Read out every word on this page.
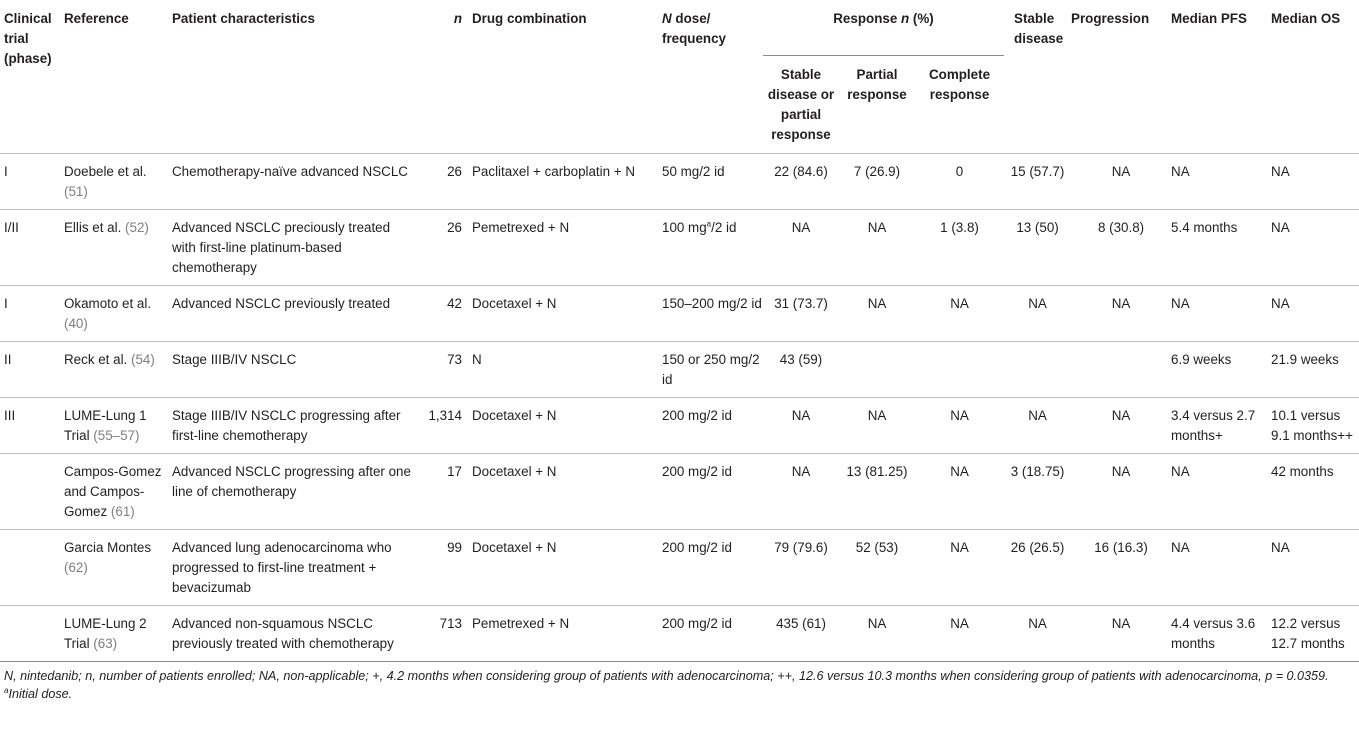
Clinical trial (phase)	Reference	Patient characteristics	n	Drug combination	N dose/ frequency	Response n (%)			Stable disease	Progression	Median PFS	Median OS
						Stable disease or partial response	Partial response	Complete response				
I	Doebele et al. (51)	Chemotherapy-naïve advanced NSCLC	26	Paclitaxel + carboplatin + N	50 mg/2 id	22 (84.6)	7 (26.9)	0	15 (57.7)	NA	NA	NA
I/II	Ellis et al. (52)	Advanced NSCLC preciously treated with first-line platinum-based chemotherapy	26	Pemetrexed + N	100 $mg^a/2$ id	NA	NA	1 (3.8)	13 (50)	8 (30.8)	5.4 months	NA
I	Okamoto et al. (40)	Advanced NSCLC previously treated	42	Docetaxel + N	150–200 mg/2 id	31 (73.7)	NA	NA	NA	NA	NA	NA
II	Reck et al. (54)	Stage IIIB/IV NSCLC	73	N	150 or 250 mg/2 id	43 (59)					6.9 weeks	21.9 weeks
III	LUME-Lung 1 Trial (55–57)	Stage IIIB/IV NSCLC progressing after first-line chemotherapy	1,314	Docetaxel + N	200 mg/2 id	NA	NA	NA	NA	NA	3.4 versus 2.7 months+	10.1 versus 9.1 months++
	Campos-Gomez and Campos-Gomez (61)	Advanced NSCLC progressing after one line of chemotherapy	17	Docetaxel + N	200 mg/2 id	NA	13 (81.25)	NA	3 (18.75)	NA	NA	42 months
	Garcia Montes (62)	Advanced lung adenocarcinoma who progressed to first-line treatment + bevacizumab	99	Docetaxel + N	200 mg/2 id	79 (79.6)	52 (53)	NA	26 (26.5)	16 (16.3)	NA	NA
	LUME-Lung 2 Trial (63)	Advanced non-squamous NSCLC previously treated with chemotherapy	713	Pemetrexed + N	200 mg/2 id	435 (61)	NA	NA	NA	NA	4.4 versus 3.6 months	12.2 versus 12.7 months

N, nintedanib; n, number of patients enrolled; NA, non-applicable; +, 4.2 months when considering group of patients with adenocarcinoma; ++, 12.6 versus 10.3 months when considering group of patients with adenocarcinoma, p = 0.0359.
$^a$Initial dose.
